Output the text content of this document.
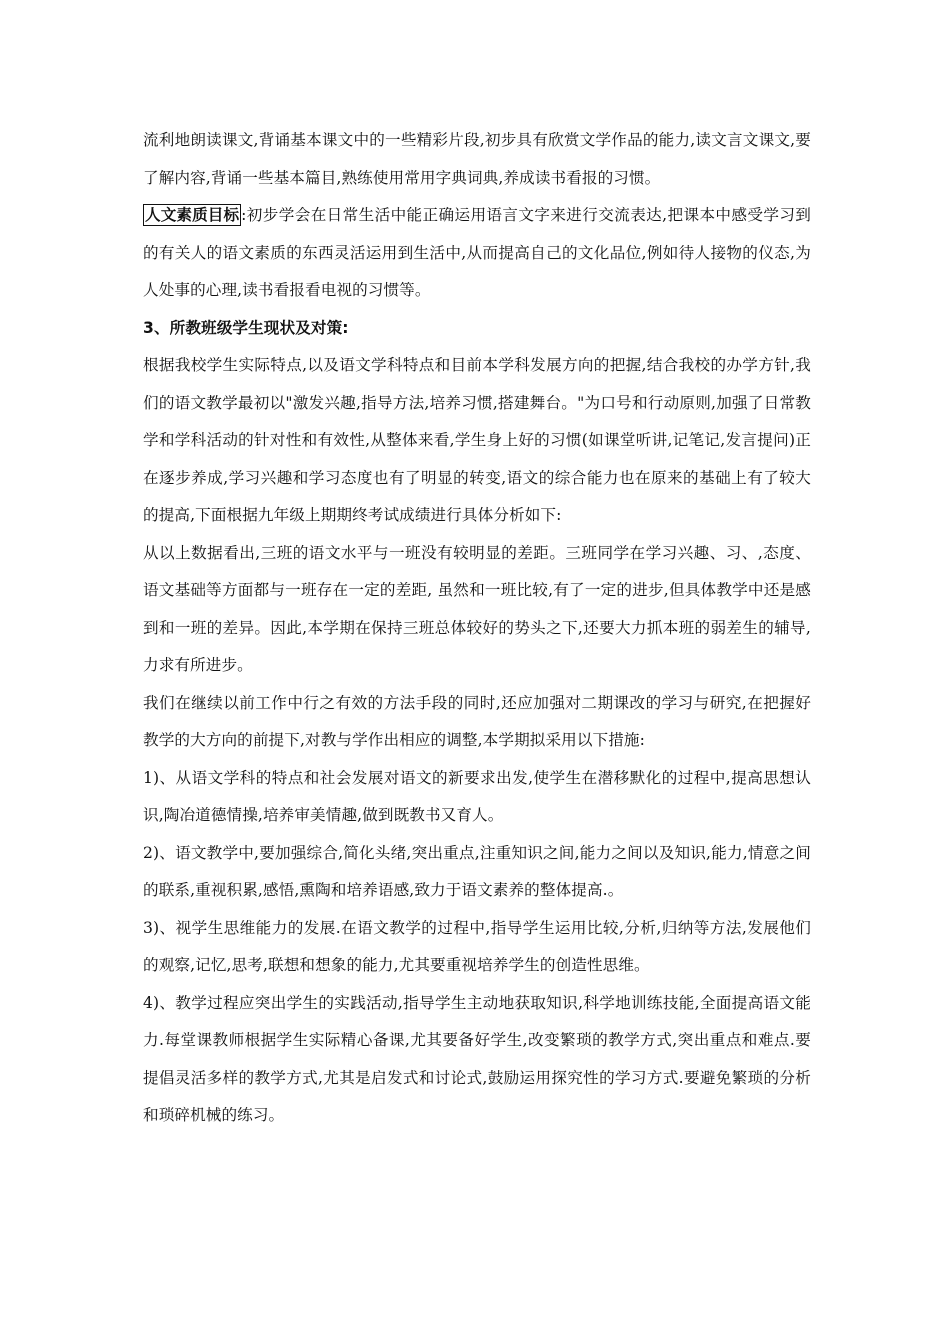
流利地朗读课文,背诵基本课文中的一些精彩片段,初步具有欣赏文学作品的能力,读文言文课文,要了解内容,背诵一些基本篇目,熟练使用常用字典词典,养成读书看报的习惯。

人文素质目标 :初步学会在日常生活中能正确运用语言文字来进行交流表达,把课本中感受学习到的有关人的语文素质的东西灵活运用到生活中,从而提高自己的文化品位,例如待人接物的仪态,为人处事的心理,读书看报看电视的习惯等。

3、所教班级学生现状及对策:

根据我校学生实际特点,以及语文学科特点和目前本学科发展方向的把握,结合我校的办学方针,我们的语文教学最初以"激发兴趣,指导方法,培养习惯,搭建舞台。"为口号和行动原则,加强了日常教学和学科活动的针对性和有效性,从整体来看,学生身上好的习惯(如课堂听讲,记笔记,发言提问)正在逐步养成,学习兴趣和学习态度也有了明显的转变,语文的综合能力也在原来的基础上有了较大的提高,下面根据九年级上期期终考试成绩进行具体分析如下:

从以上数据看出,三班的语文水平与一班没有较明显的差距。三班同学在学习兴趣、习、,态度、语文基础等方面都与一班存在一定的差距, 虽然和一班比较,有了一定的进步,但具体教学中还是感到和一班的差异。因此,本学期在保持三班总体较好的势头之下,还要大力抓本班的弱差生的辅导,力求有所进步。

我们在继续以前工作中行之有效的方法手段的同时,还应加强对二期课改的学习与研究,在把握好教学的大方向的前提下,对教与学作出相应的调整,本学期拟采用以下措施:

1)、从语文学科的特点和社会发展对语文的新要求出发,使学生在潜移默化的过程中,提高思想认识,陶冶道德情操,培养审美情趣,做到既教书又育人。

2)、语文教学中,要加强综合,简化头绪,突出重点,注重知识之间,能力之间以及知识,能力,情意之间的联系,重视积累,感悟,熏陶和培养语感,致力于语文素养的整体提高.。

3)、视学生思维能力的发展.在语文教学的过程中,指导学生运用比较,分析,归纳等方法,发展他们的观察,记忆,思考,联想和想象的能力,尤其要重视培养学生的创造性思维。

4)、教学过程应突出学生的实践活动,指导学生主动地获取知识,科学地训练技能,全面提高语文能力.每堂课教师根据学生实际精心备课,尤其要备好学生,改变繁琐的教学方式,突出重点和难点.要提倡灵活多样的教学方式,尤其是启发式和讨论式,鼓励运用探究性的学习方式.要避免繁琐的分析和琐碎机械的练习。
